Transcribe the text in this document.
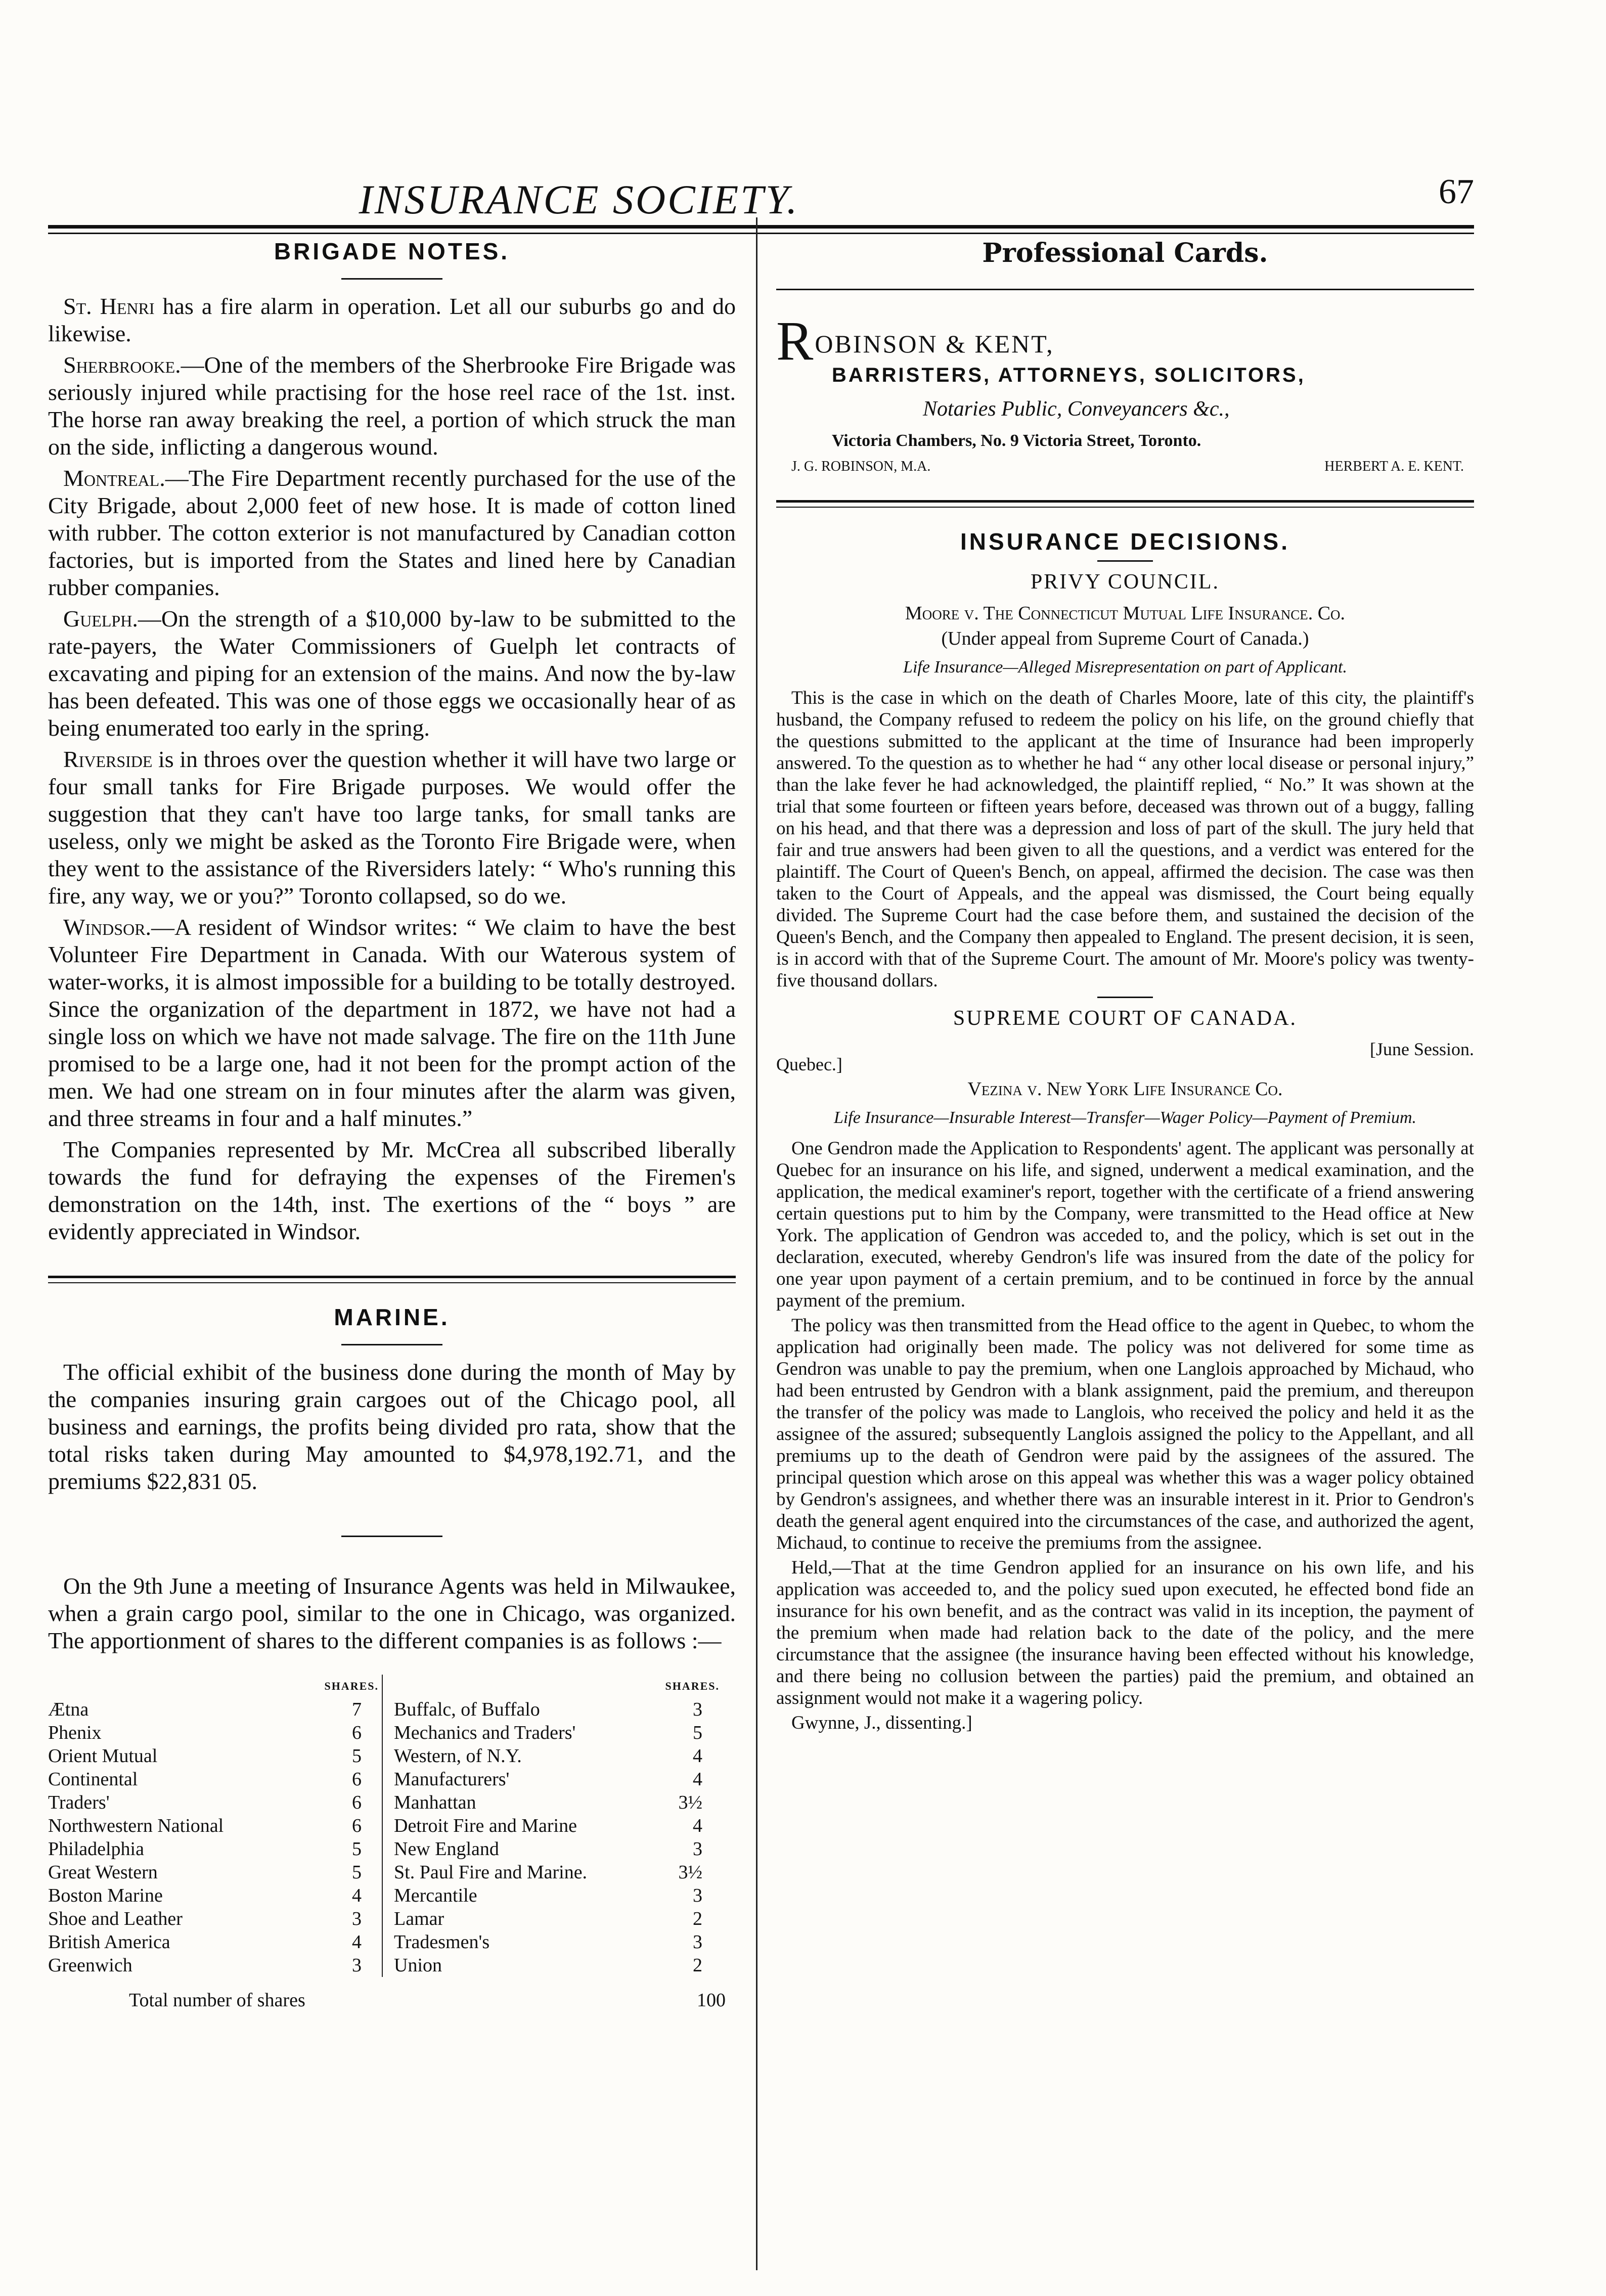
INSURANCE SOCIETY.	67
BRIGADE NOTES.

St. Henri has a fire alarm in operation. Let all our suburbs go and do likewise.

Sherbrooke.—One of the members of the Sherbrooke Fire Brigade was seriously injured while practising for the hose reel race of the 1st. inst. The horse ran away breaking the reel, a portion of which struck the man on the side, inflicting a dangerous wound.

Montreal.—The Fire Department recently purchased for the use of the City Brigade, about 2,000 feet of new hose. It is made of cotton lined with rubber. The cotton exterior is not manufactured by Canadian cotton factories, but is imported from the States and lined here by Canadian rubber companies.

Guelph.—On the strength of a $10,000 by-law to be submitted to the rate-payers, the Water Commissioners of Guelph let contracts of excavating and piping for an extension of the mains. And now the by-law has been defeated. This was one of those eggs we occasionally hear of as being enumerated too early in the spring.

Riverside is in throes over the question whether it will have two large or four small tanks for Fire Brigade purposes. We would offer the suggestion that they can't have too large tanks, for small tanks are useless, only we might be asked as the Toronto Fire Brigade were, when they went to the assistance of the Riversiders lately: “ Who's running this fire, any way, we or you?” Toronto collapsed, so do we.

Windsor.—A resident of Windsor writes: “ We claim to have the best Volunteer Fire Department in Canada. With our Waterous system of water-works, it is almost impossible for a building to be totally destroyed. Since the organization of the department in 1872, we have not had a single loss on which we have not made salvage. The fire on the 11th June promised to be a large one, had it not been for the prompt action of the men. We had one stream on in four minutes after the alarm was given, and three streams in four and a half minutes.”

The Companies represented by Mr. McCrea all subscribed liberally towards the fund for defraying the expenses of the Firemen's demonstration on the 14th, inst. The exertions of the “ boys ” are evidently appreciated in Windsor.

MARINE.

The official exhibit of the business done during the month of May by the companies insuring grain cargoes out of the Chicago pool, all business and earnings, the profits being divided pro rata, show that the total risks taken during May amounted to $4,978,192.71, and the premiums $22,831 05.

On the 9th June a meeting of Insurance Agents was held in Milwaukee, when a grain cargo pool, similar to the one in Chicago, was organized. The apportionment of shares to the different companies is as follows :—

SHARES.
Ætna	7
Phenix	6
Orient Mutual	5
Continental	6
Traders'	6
Northwestern National	6
Philadelphia	5
Great Western	5
Boston Marine	4
Shoe and Leather	3
British America	4
Greenwich	3
SHARES.
Buffalc, of Buffalo	3
Mechanics and Traders'	5
Western, of N.Y.	4
Manufacturers'	4
Manhattan	3½
Detroit Fire and Marine	4
New England	3
St. Paul Fire and Marine.	3½
Mercantile	3
Lamar	2
Tradesmen's	3
Union	2
Total number of shares	100
Professional Cards.
ROBINSON & KENT,
BARRISTERS, ATTORNEYS, SOLICITORS,
Notaries Public, Conveyancers &c.,
Victoria Chambers, No. 9 Victoria Street, Toronto.
J. G. ROBINSON, M.A.	HERBERT A. E. KENT.
INSURANCE DECISIONS.
PRIVY COUNCIL.
Moore v. The Connecticut Mutual Life Insurance. Co.
(Under appeal from Supreme Court of Canada.)
Life Insurance—Alleged Misrepresentation on part of Applicant.

This is the case in which on the death of Charles Moore, late of this city, the plaintiff's husband, the Company refused to redeem the policy on his life, on the ground chiefly that the questions submitted to the applicant at the time of Insurance had been improperly answered. To the question as to whether he had “ any other local disease or personal injury,” than the lake fever he had acknowledged, the plaintiff replied, “ No.” It was shown at the trial that some fourteen or fifteen years before, deceased was thrown out of a buggy, falling on his head, and that there was a depression and loss of part of the skull. The jury held that fair and true answers had been given to all the questions, and a verdict was entered for the plaintiff. The Court of Queen's Bench, on appeal, affirmed the decision. The case was then taken to the Court of Appeals, and the appeal was dismissed, the Court being equally divided. The Supreme Court had the case before them, and sustained the decision of the Queen's Bench, and the Company then appealed to England. The present decision, it is seen, is in accord with that of the Supreme Court. The amount of Mr. Moore's policy was twenty-five thousand dollars.

SUPREME COURT OF CANADA.
Quebec.]
[June Session.
Vezina v. New York Life Insurance Co.
Life Insurance—Insurable Interest—Transfer—Wager Policy—Payment of Premium.

One Gendron made the Application to Respondents' agent. The applicant was personally at Quebec for an insurance on his life, and signed, underwent a medical examination, and the application, the medical examiner's report, together with the certificate of a friend answering certain questions put to him by the Company, were transmitted to the Head office at New York. The application of Gendron was acceded to, and the policy, which is set out in the declaration, executed, whereby Gendron's life was insured from the date of the policy for one year upon payment of a certain premium, and to be continued in force by the annual payment of the premium.

The policy was then transmitted from the Head office to the agent in Quebec, to whom the application had originally been made. The policy was not delivered for some time as Gendron was unable to pay the premium, when one Langlois approached by Michaud, who had been entrusted by Gendron with a blank assignment, paid the premium, and thereupon the transfer of the policy was made to Langlois, who received the policy and held it as the assignee of the assured; subsequently Langlois assigned the policy to the Appellant, and all premiums up to the death of Gendron were paid by the assignees of the assured. The principal question which arose on this appeal was whether this was a wager policy obtained by Gendron's assignees, and whether there was an insurable interest in it. Prior to Gendron's death the general agent enquired into the circumstances of the case, and authorized the agent, Michaud, to continue to receive the premiums from the assignee.

Held,—That at the time Gendron applied for an insurance on his own life, and his application was acceeded to, and the policy sued upon executed, he effected bond fide an insurance for his own benefit, and as the contract was valid in its inception, the payment of the premium when made had relation back to the date of the policy, and the mere circumstance that the assignee (the insurance having been effected without his knowledge, and there being no collusion between the parties) paid the premium, and obtained an assignment would not make it a wagering policy.

Gwynne, J., dissenting.]
